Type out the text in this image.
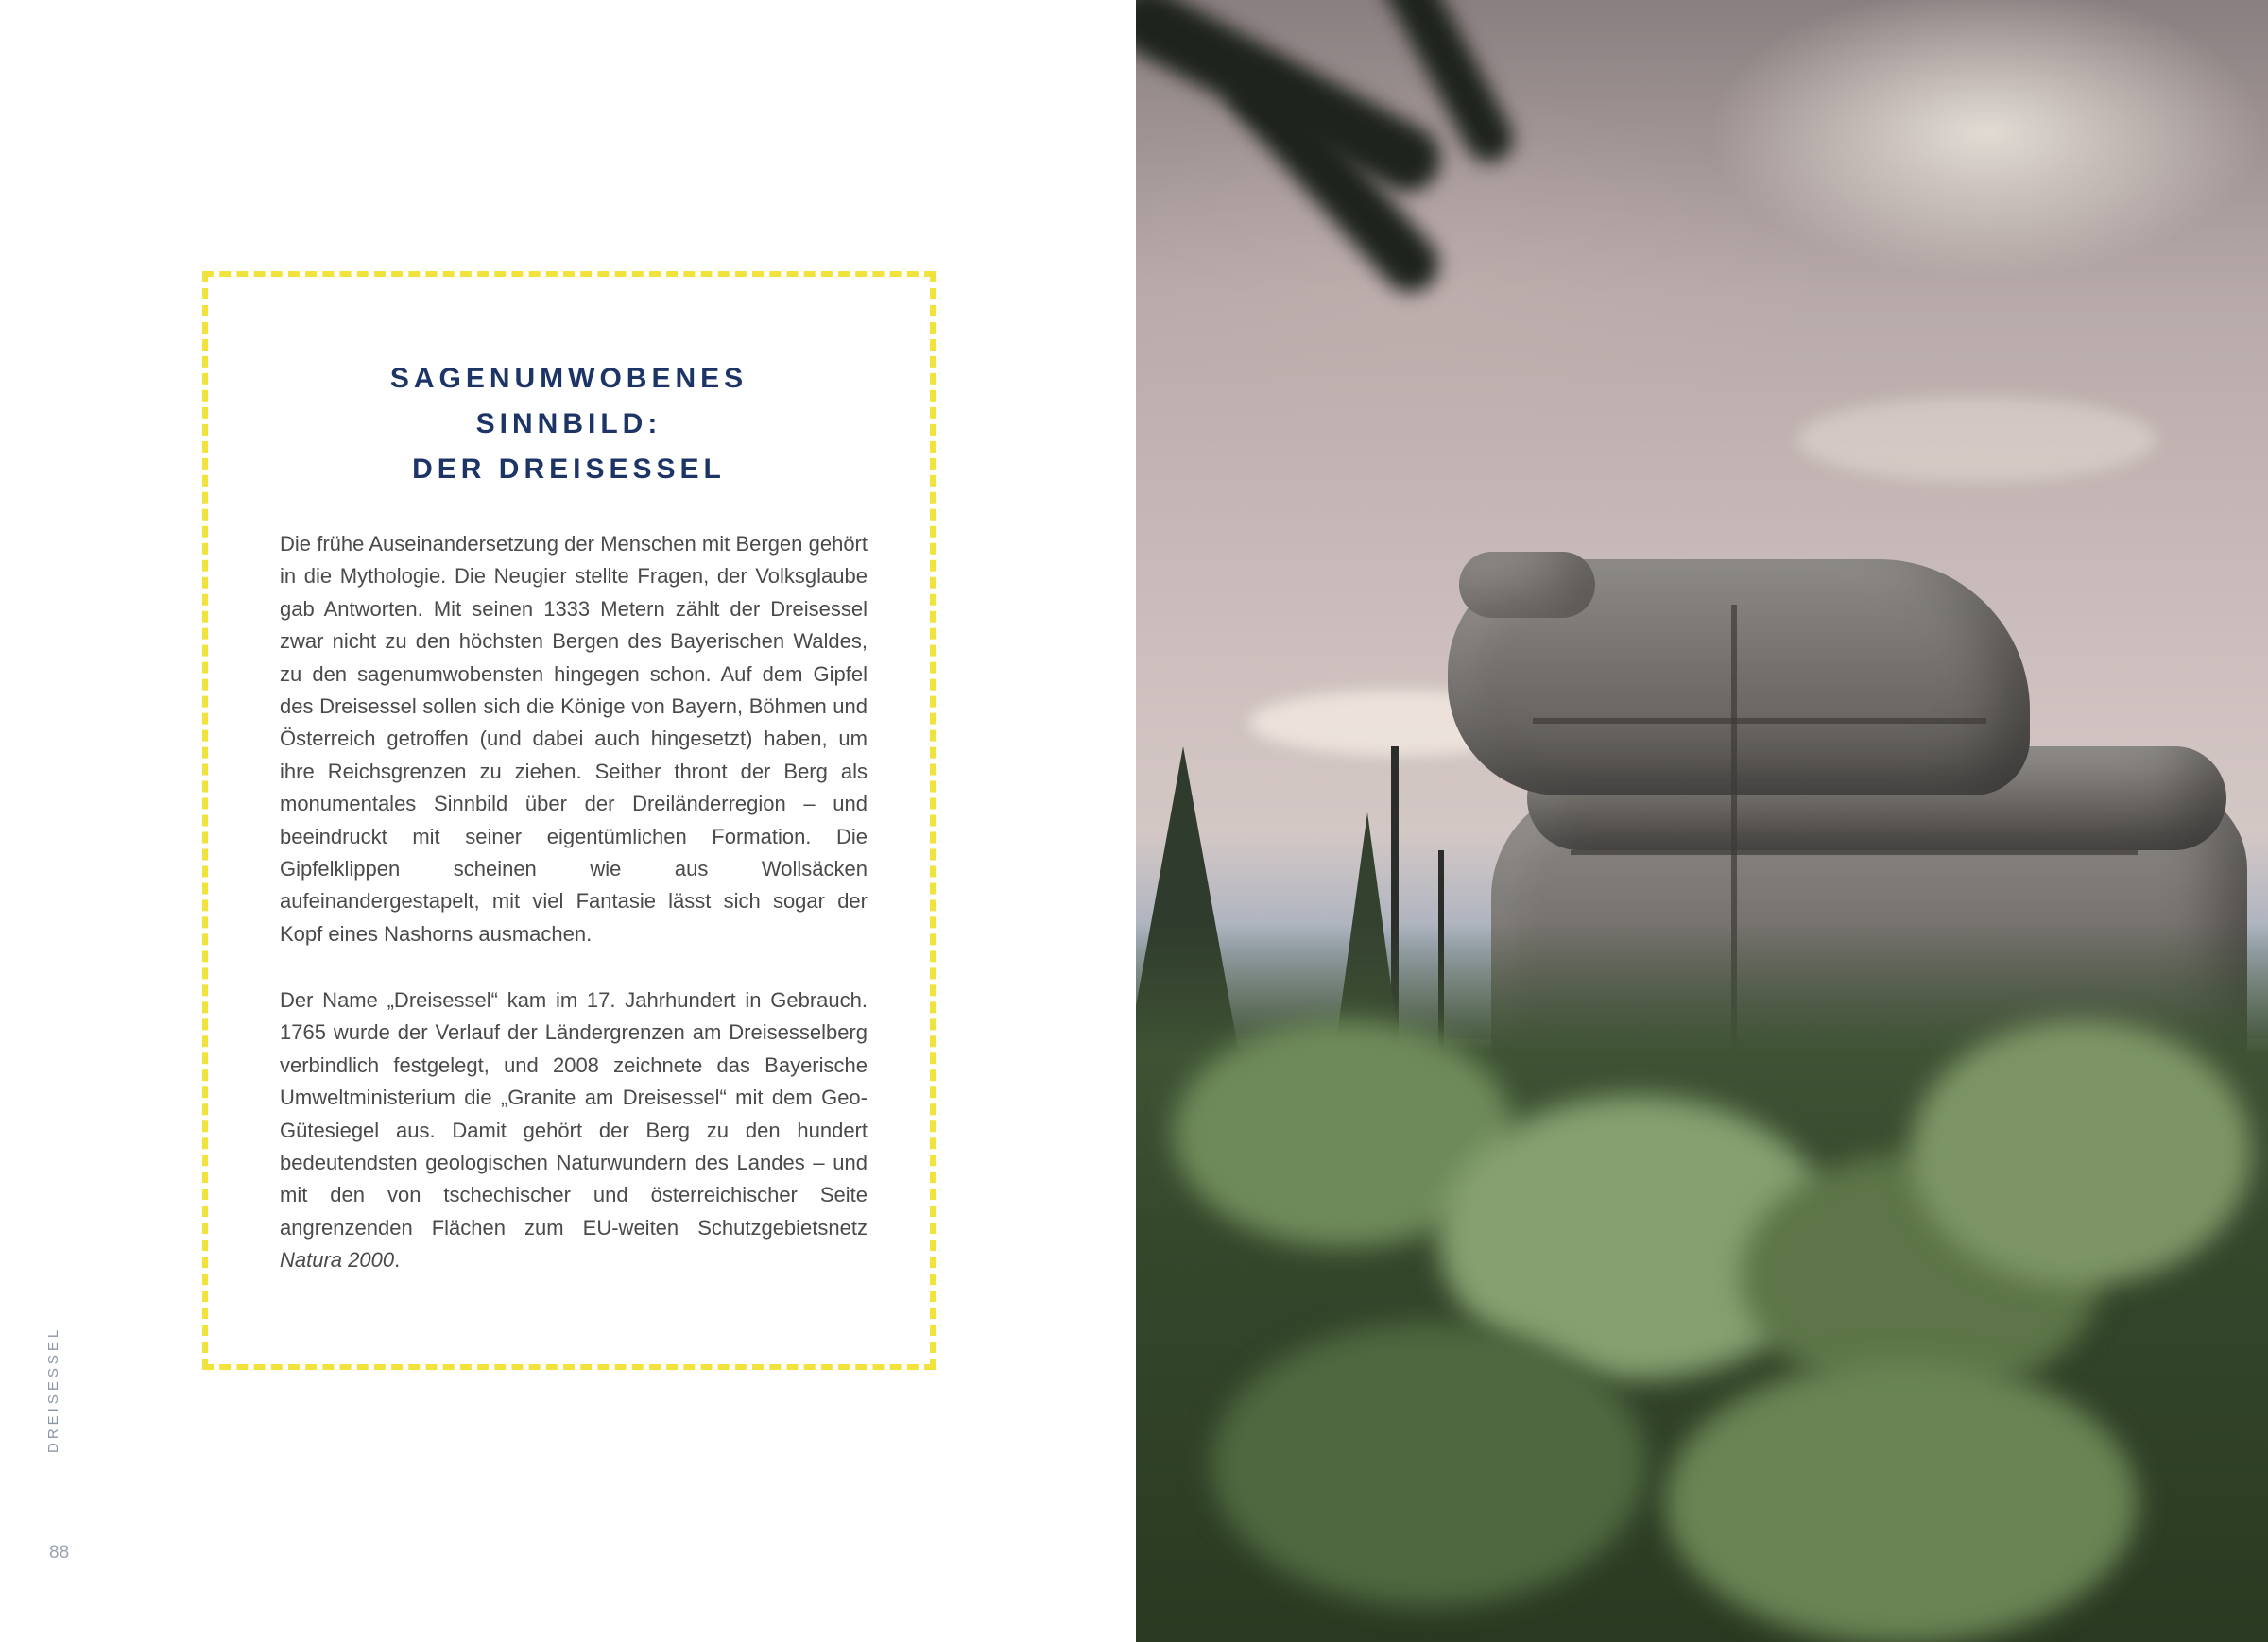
SAGENUMWOBENES
SINNBILD:
DER DREISESSEL

Die frühe Auseinandersetzung der Menschen mit Bergen gehört in die Mythologie. Die Neugier stellte Fragen, der Volksglaube gab Antworten. Mit seinen 1333 Metern zählt der Dreisessel zwar nicht zu den höchsten Bergen des Bayerischen Waldes, zu den sagenumwobensten hingegen schon. Auf dem Gipfel des Dreisessel sollen sich die Könige von Bayern, Böhmen und Österreich getroffen (und dabei auch hingesetzt) haben, um ihre Reichsgrenzen zu ziehen. Seither thront der Berg als monumentales Sinnbild über der Dreiländerregion – und beeindruckt mit seiner eigentümlichen Formation. Die Gipfelklippen scheinen wie aus Wollsäcken aufeinandergestapelt, mit viel Fantasie lässt sich sogar der Kopf eines Nashorns ausmachen.

Der Name „Dreisessel“ kam im 17. Jahrhundert in Gebrauch. 1765 wurde der Verlauf der Ländergrenzen am Dreisesselberg verbindlich festgelegt, und 2008 zeichnete das Bayerische Umweltministerium die „Granite am Dreisessel“ mit dem Geo-Gütesiegel aus. Damit gehört der Berg zu den hundert bedeutendsten geologischen Naturwundern des Landes – und mit den von tschechischer und österreichischer Seite angrenzenden Flächen zum EU-weiten Schutzgebietsnetz Natura 2000.

DREISESSEL
88
